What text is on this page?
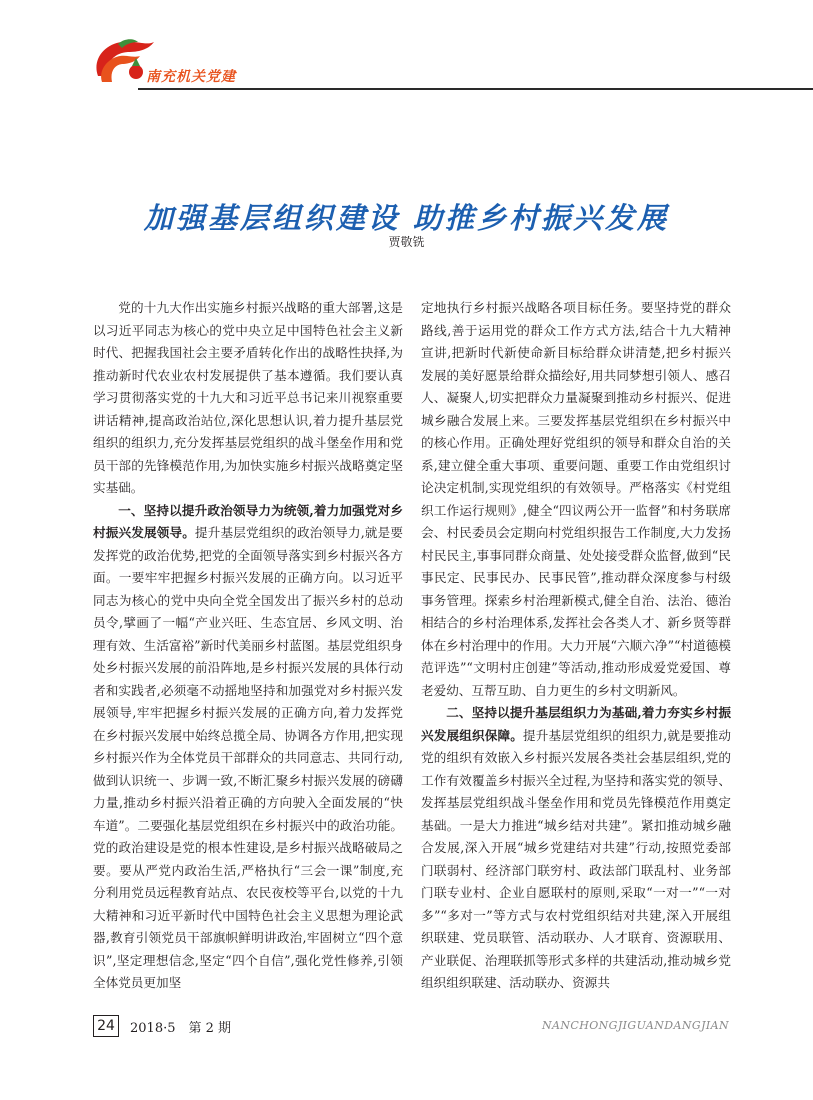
南充机关党建
加强基层组织建设 助推乡村振兴发展
贾敬铣

党的十九大作出实施乡村振兴战略的重大部署,这是以习近平同志为核心的党中央立足中国特色社会主义新时代、把握我国社会主要矛盾转化作出的战略性抉择,为推动新时代农业农村发展提供了基本遵循。我们要认真学习贯彻落实党的十九大和习近平总书记来川视察重要讲话精神,提高政治站位,深化思想认识,着力提升基层党组织的组织力,充分发挥基层党组织的战斗堡垒作用和党员干部的先锋模范作用,为加快实施乡村振兴战略奠定坚实基础。

一、坚持以提升政治领导力为统领,着力加强党对乡村振兴发展领导。提升基层党组织的政治领导力,就是要发挥党的政治优势,把党的全面领导落实到乡村振兴各方面。一要牢牢把握乡村振兴发展的正确方向。以习近平同志为核心的党中央向全党全国发出了振兴乡村的总动员令,擘画了一幅“产业兴旺、生态宜居、乡风文明、治理有效、生活富裕”新时代美丽乡村蓝图。基层党组织身处乡村振兴发展的前沿阵地,是乡村振兴发展的具体行动者和实践者,必须毫不动摇地坚持和加强党对乡村振兴发展领导,牢牢把握乡村振兴发展的正确方向,着力发挥党在乡村振兴发展中始终总揽全局、协调各方作用,把实现乡村振兴作为全体党员干部群众的共同意志、共同行动,做到认识统一、步调一致,不断汇聚乡村振兴发展的磅礴力量,推动乡村振兴沿着正确的方向驶入全面发展的“快车道”。二要强化基层党组织在乡村振兴中的政治功能。党的政治建设是党的根本性建设,是乡村振兴战略破局之要。要从严党内政治生活,严格执行“三会一课”制度,充分利用党员远程教育站点、农民夜校等平台,以党的十九大精神和习近平新时代中国特色社会主义思想为理论武器,教育引领党员干部旗帜鲜明讲政治,牢固树立“四个意识”,坚定理想信念,坚定“四个自信”,强化党性修养,引领全体党员更加坚

定地执行乡村振兴战略各项目标任务。要坚持党的群众路线,善于运用党的群众工作方式方法,结合十九大精神宣讲,把新时代新使命新目标给群众讲清楚,把乡村振兴发展的美好愿景给群众描绘好,用共同梦想引领人、感召人、凝聚人,切实把群众力量凝聚到推动乡村振兴、促进城乡融合发展上来。三要发挥基层党组织在乡村振兴中的核心作用。正确处理好党组织的领导和群众自治的关系,建立健全重大事项、重要问题、重要工作由党组织讨论决定机制,实现党组织的有效领导。严格落实《村党组织工作运行规则》,健全“四议两公开一监督”和村务联席会、村民委员会定期向村党组织报告工作制度,大力发扬村民民主,事事同群众商量、处处接受群众监督,做到“民事民定、民事民办、民事民管”,推动群众深度参与村级事务管理。探索乡村治理新模式,健全自治、法治、德治相结合的乡村治理体系,发挥社会各类人才、新乡贤等群体在乡村治理中的作用。大力开展“六顺六净”“村道德模范评选”“文明村庄创建”等活动,推动形成爱党爱国、尊老爱幼、互帮互助、自力更生的乡村文明新风。

二、坚持以提升基层组织力为基础,着力夯实乡村振兴发展组织保障。提升基层党组织的组织力,就是要推动党的组织有效嵌入乡村振兴发展各类社会基层组织,党的工作有效覆盖乡村振兴全过程,为坚持和落实党的领导、发挥基层党组织战斗堡垒作用和党员先锋模范作用奠定基础。一是大力推进“城乡结对共建”。紧扣推动城乡融合发展,深入开展“城乡党建结对共建”行动,按照党委部门联弱村、经济部门联穷村、政法部门联乱村、业务部门联专业村、企业自愿联村的原则,采取“一对一”“一对多”“多对一”等方式与农村党组织结对共建,深入开展组织联建、党员联管、活动联办、人才联育、资源联用、产业联促、治理联抓等形式多样的共建活动,推动城乡党组织组织联建、活动联办、资源共

24	2018·5　第 2 期	NANCHONGJIGUANDANGJIAN
